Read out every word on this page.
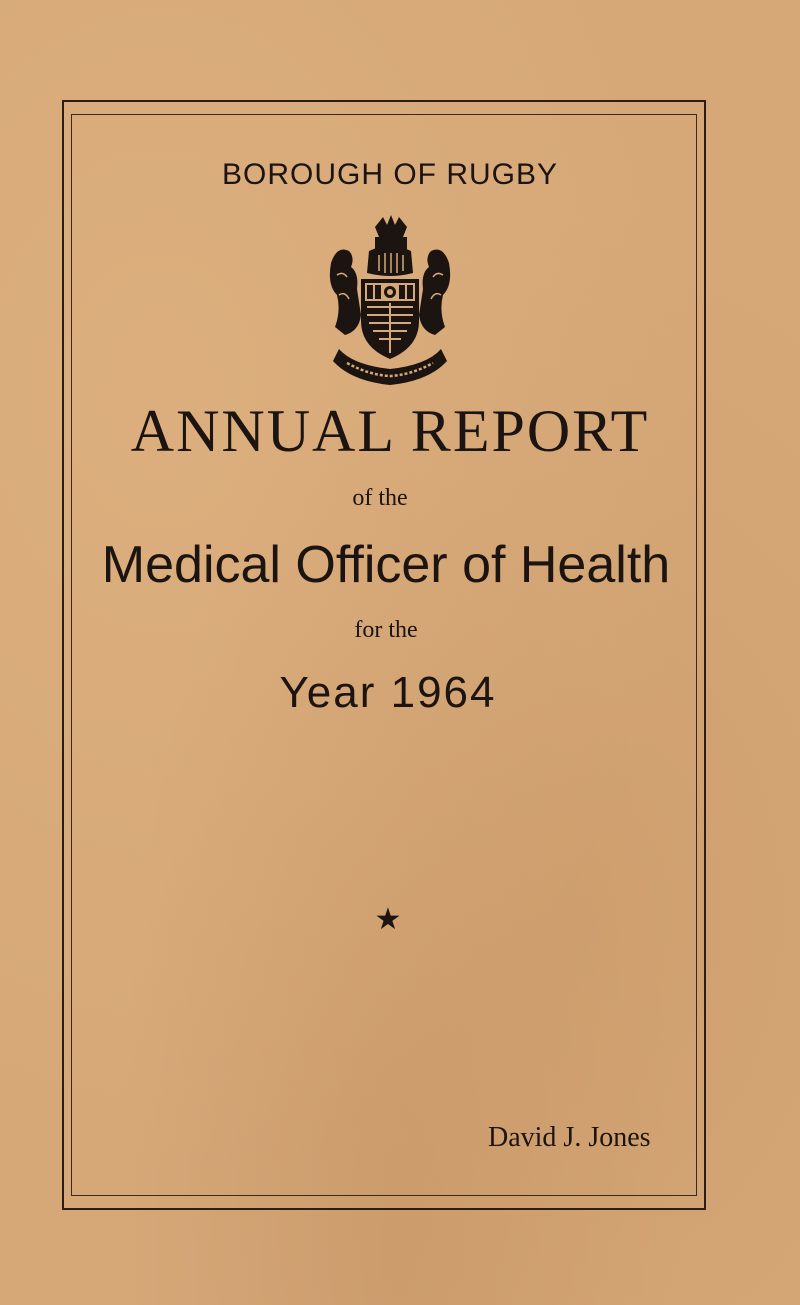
BOROUGH OF RUGBY
ANNUAL REPORT
of the
Medical Officer of Health
for the
Year 1964
★
David J. Jones
